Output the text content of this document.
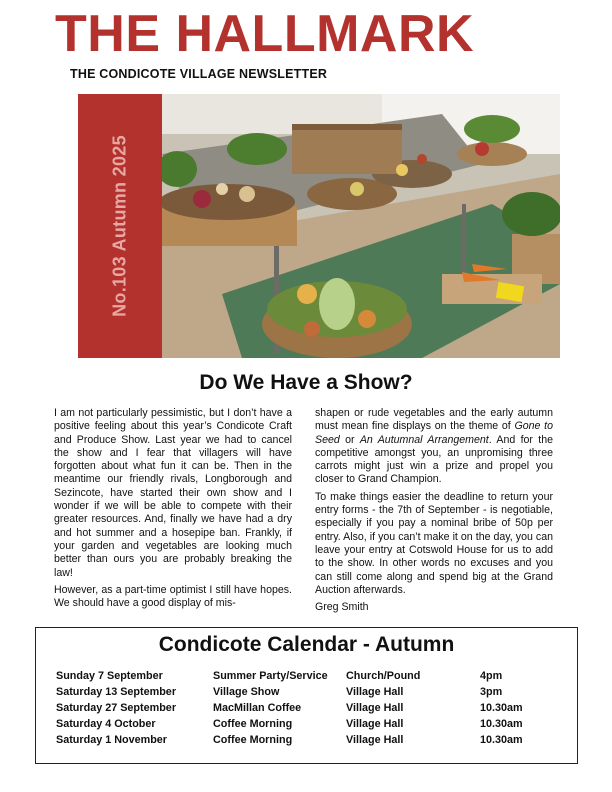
THE HALLMARK
THE CONDICOTE VILLAGE NEWSLETTER
No.103 Autumn 2025
Do We Have a Show?

I am not particularly pessimistic, but I don’t have a positive feeling about this year’s Condicote Craft and Produce Show. Last year we had to cancel the show and I fear that villagers will have forgotten about what fun it can be. Then in the meantime our friendly rivals, Longborough and Sezincote, have started their own show and I wonder if we will be able to compete with their greater resources. And, finally we have had a dry and hot summer and a hosepipe ban. Frankly, if your garden and vegetables are looking much better than ours you are probably breaking the law!

However, as a part-time optimist I still have hopes. We should have a good display of mis-

shapen or rude vegetables and the early autumn must mean fine displays on the theme of Gone to Seed or An Autumnal Arrangement. And for the competitive amongst you, an unpromising three carrots might just win a prize and propel you closer to Grand Champion.

To make things easier the deadline to return your entry forms - the 7th of September - is negotiable, especially if you pay a nominal bribe of 50p per entry. Also, if you can’t make it on the day, you can leave your entry at Cotswold House for us to add to the show. In other words no excuses and you can still come along and spend big at the Grand Auction afterwards.

Greg Smith

Condicote Calendar - Autumn
Sunday 7 September	Summer Party/Service	Church/Pound	4pm
Saturday 13 September	Village Show	Village Hall	3pm
Saturday 27 September	MacMillan Coffee	Village Hall	10.30am
Saturday 4 October	Coffee Morning	Village Hall	10.30am
Saturday 1 November	Coffee Morning	Village Hall	10.30am
